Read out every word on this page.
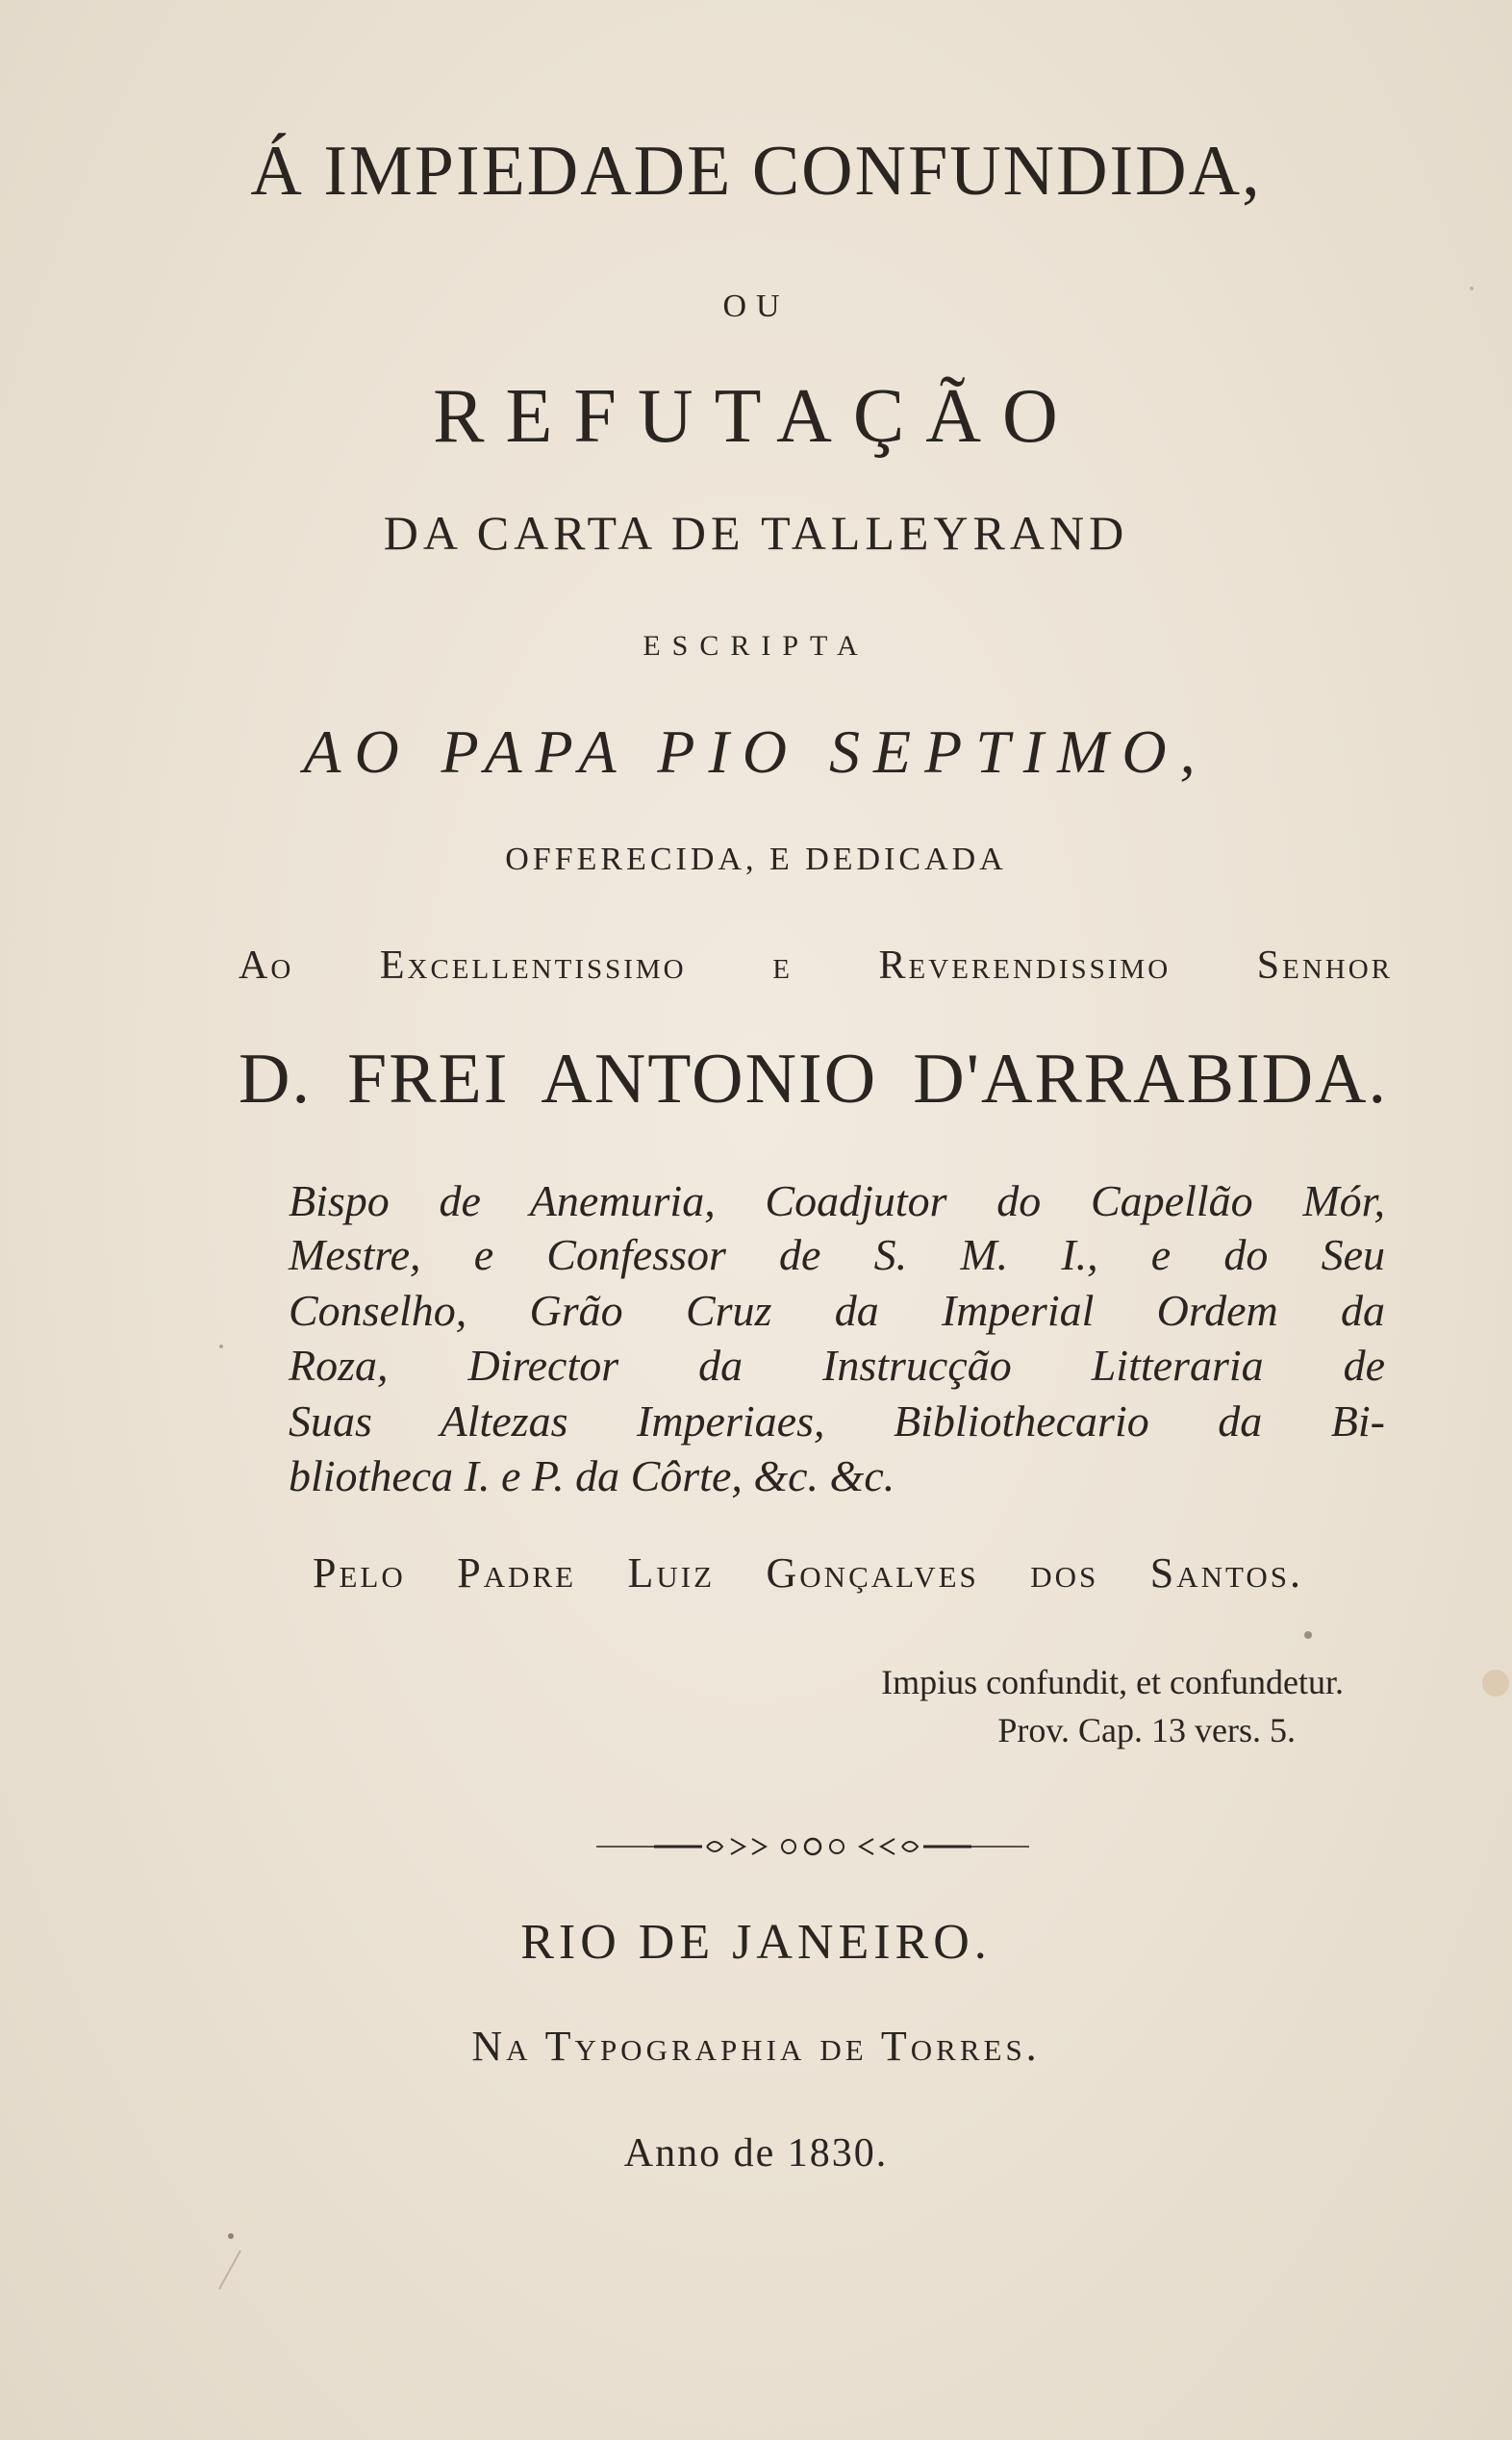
Á IMPIEDADE CONFUNDIDA,
OU
REFUTAÇÃO
DA CARTA DE TALLEYRAND
ESCRIPTA
AO PAPA PIO SEPTIMO,
OFFERECIDA, E DEDICADA
Ao Excellentissimo e Reverendissimo Senhor
D. FREI ANTONIO D'ARRABIDA.
Bispo de Anemuria, Coadjutor do Capellão Mór,
Mestre, e Confessor de S. M. I., e do Seu
Conselho, Grão Cruz da Imperial Ordem da
Roza, Director da Instrucção Litteraria de
Suas Altezas Imperiaes, Bibliothecario da Bi-
bliotheca I. e P. da Côrte, &c. &c.
Pelo Padre Luiz Gonçalves dos Santos.
Impius confundit, et confundetur.
Prov. Cap. 13 vers. 5.
RIO DE JANEIRO.
Na Typographia de Torres.
Anno de 1830.
